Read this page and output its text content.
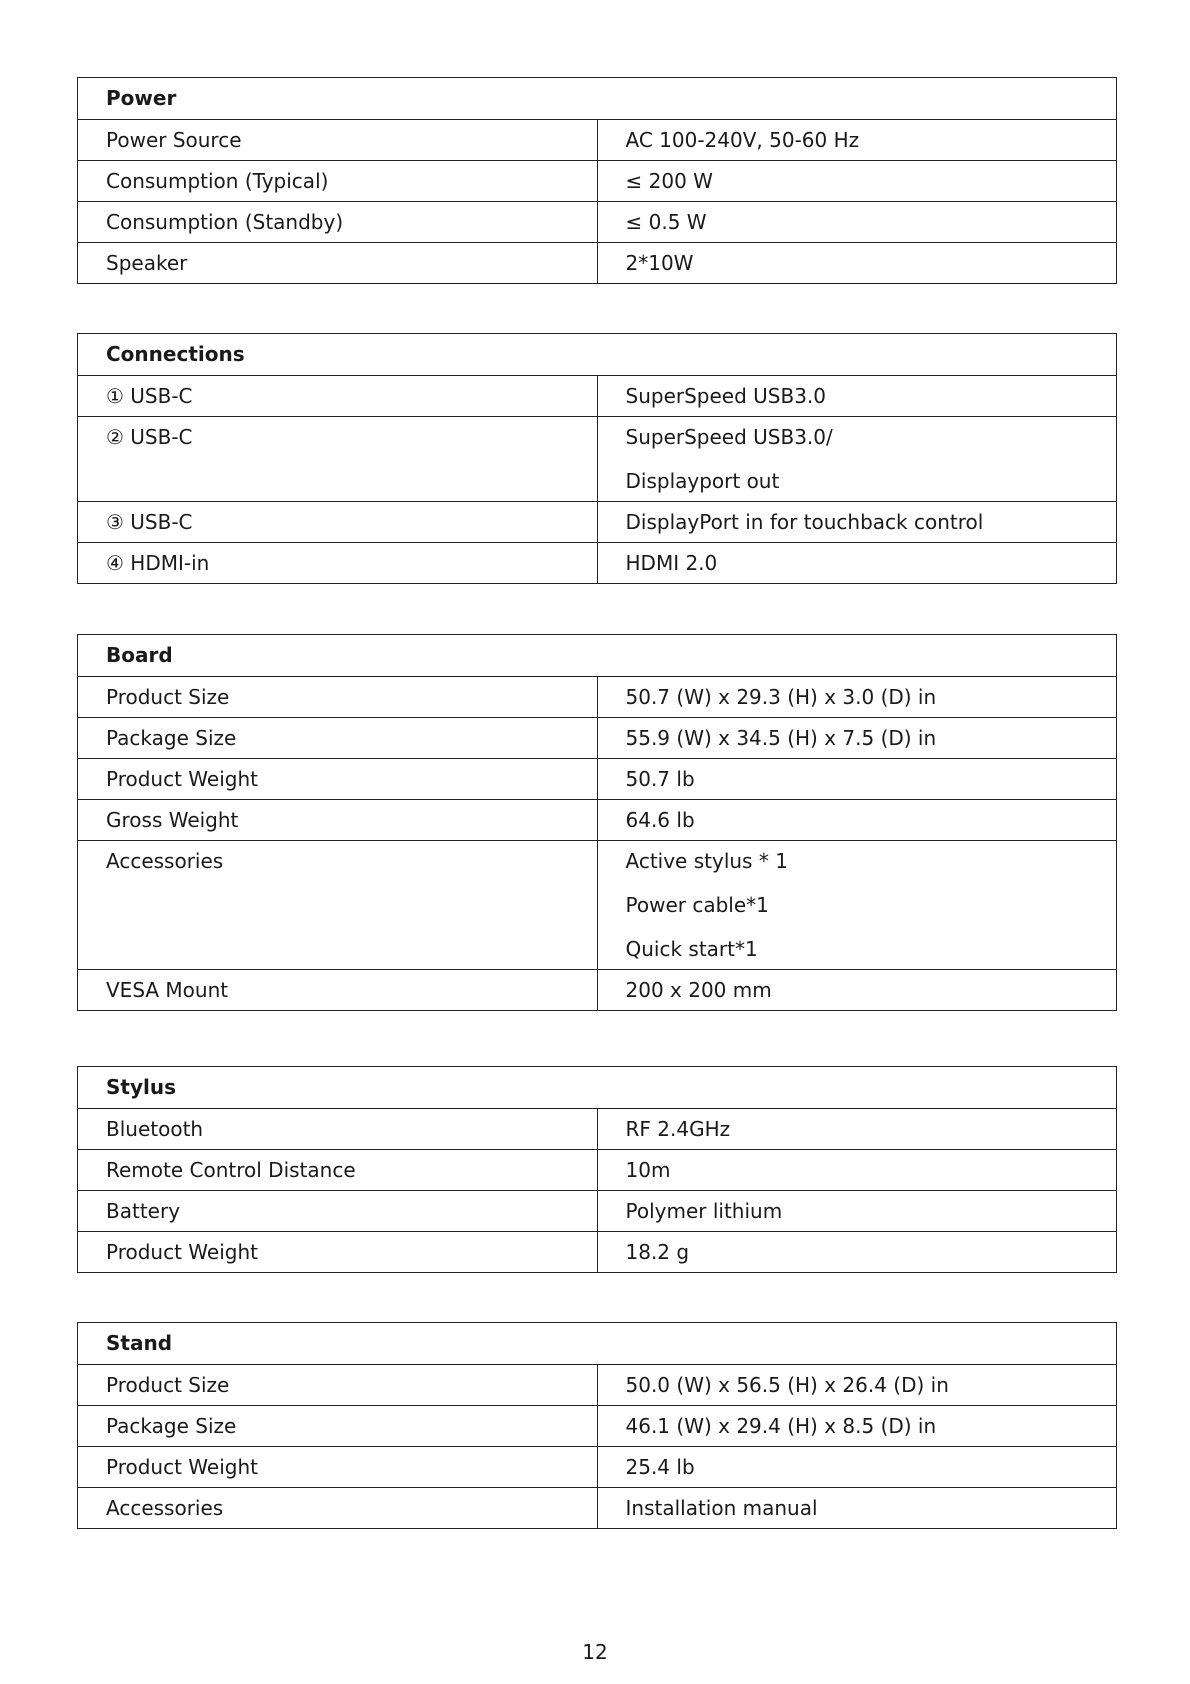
Power	
Power Source	AC 100-240V, 50-60 Hz

Consumption (Typical)	≤ 200 W

Consumption (Standby)	≤ 0.5 W

Speaker	2*10W
Connections	
① USB-C	SuperSpeed USB3.0

② USB-C	SuperSpeed USB3.0/
Displayport out

③ USB-C	DisplayPort in for touchback control

④ HDMI-in	HDMI 2.0
Board	
Product Size	50.7 (W) x 29.3 (H) x 3.0 (D) in

Package Size	55.9 (W) x 34.5 (H) x 7.5 (D) in

Product Weight	50.7 lb

Gross Weight	64.6 lb

Accessories	Active stylus * 1
Power cable*1
Quick start*1

VESA Mount	200 x 200 mm
Stylus	
Bluetooth	RF 2.4GHz

Remote Control Distance	10m

Battery	Polymer lithium

Product Weight	18.2 g
Stand	
Product Size	50.0 (W) x 56.5 (H) x 26.4 (D) in

Package Size	46.1 (W) x 29.4 (H) x 8.5 (D) in

Product Weight	25.4 lb

Accessories	Installation manual
12
